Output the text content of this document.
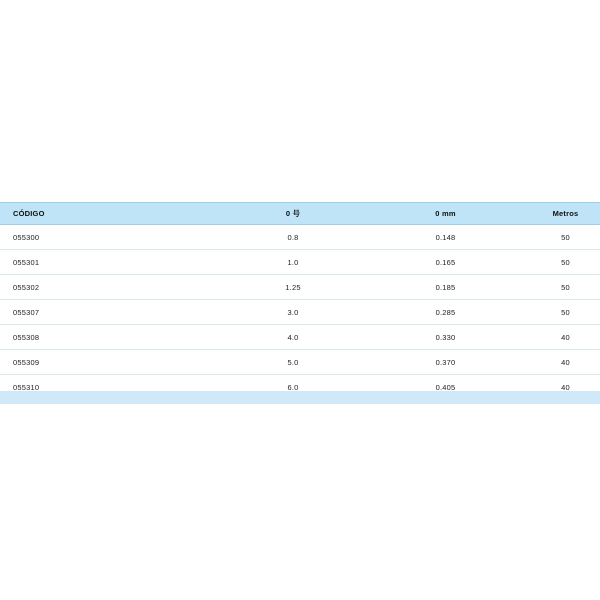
CÓDIGO	0 号	0 mm	Metros
055300	0.8	0.148	50
055301	1.0	0.165	50
055302	1.25	0.185	50
055307	3.0	0.285	50
055308	4.0	0.330	40
055309	5.0	0.370	40
055310	6.0	0.405	40
